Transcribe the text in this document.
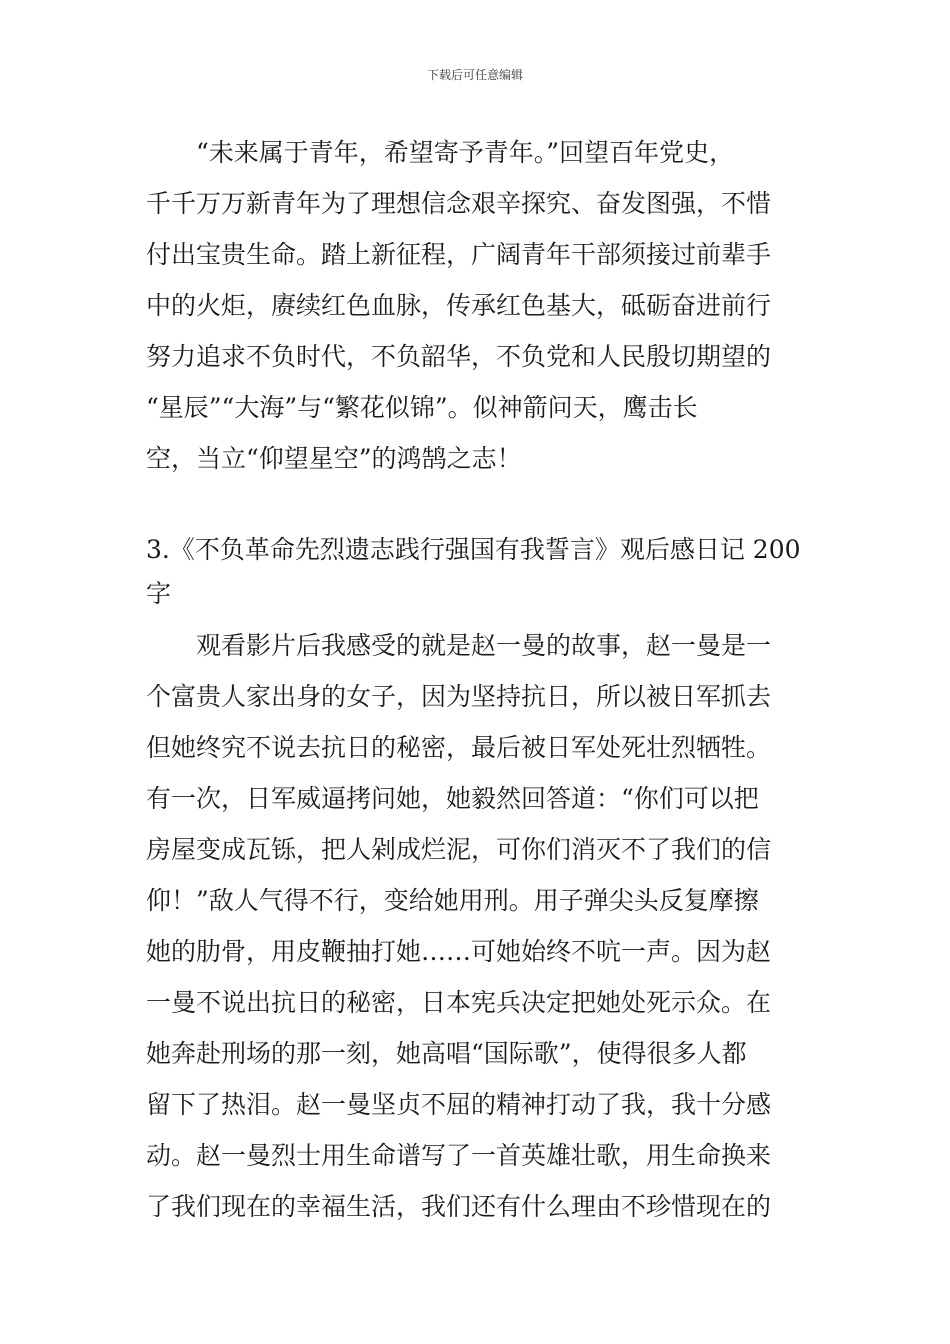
下载后可任意编辑
“未来属于青年，希望寄予青年。”回望百年党史，
千千万万新青年为了理想信念艰辛探究、奋发图强，不惜
付出宝贵生命。踏上新征程，广阔青年干部须接过前辈手
中的火炬，赓续红色血脉，传承红色基大，砥砺奋进前行
努力追求不负时代，不负韶华，不负党和人民殷切期望的
“星辰”“大海”与“繁花似锦”。似神箭问天，鹰击长
空，当立“仰望星空”的鸿鹄之志！
3.《不负革命先烈遗志践行强国有我誓言》观后感日记 200
字
观看影片后我感受的就是赵一曼的故事，赵一曼是一
个富贵人家出身的女子，因为坚持抗日，所以被日军抓去
但她终究不说去抗日的秘密，最后被日军处死壮烈牺牲。
有一次，日军威逼拷问她，她毅然回答道：“你们可以把
房屋变成瓦铄，把人剁成烂泥，可你们消灭不了我们的信
仰！”敌人气得不行，变给她用刑。用子弹尖头反复摩擦
她的肋骨，用皮鞭抽打她……可她始终不吭一声。因为赵
一曼不说出抗日的秘密，日本宪兵决定把她处死示众。在
她奔赴刑场的那一刻，她高唱“国际歌”，使得很多人都
留下了热泪。赵一曼坚贞不屈的精神打动了我，我十分感
动。赵一曼烈士用生命谱写了一首英雄壮歌，用生命换来
了我们现在的幸福生活，我们还有什么理由不珍惜现在的
